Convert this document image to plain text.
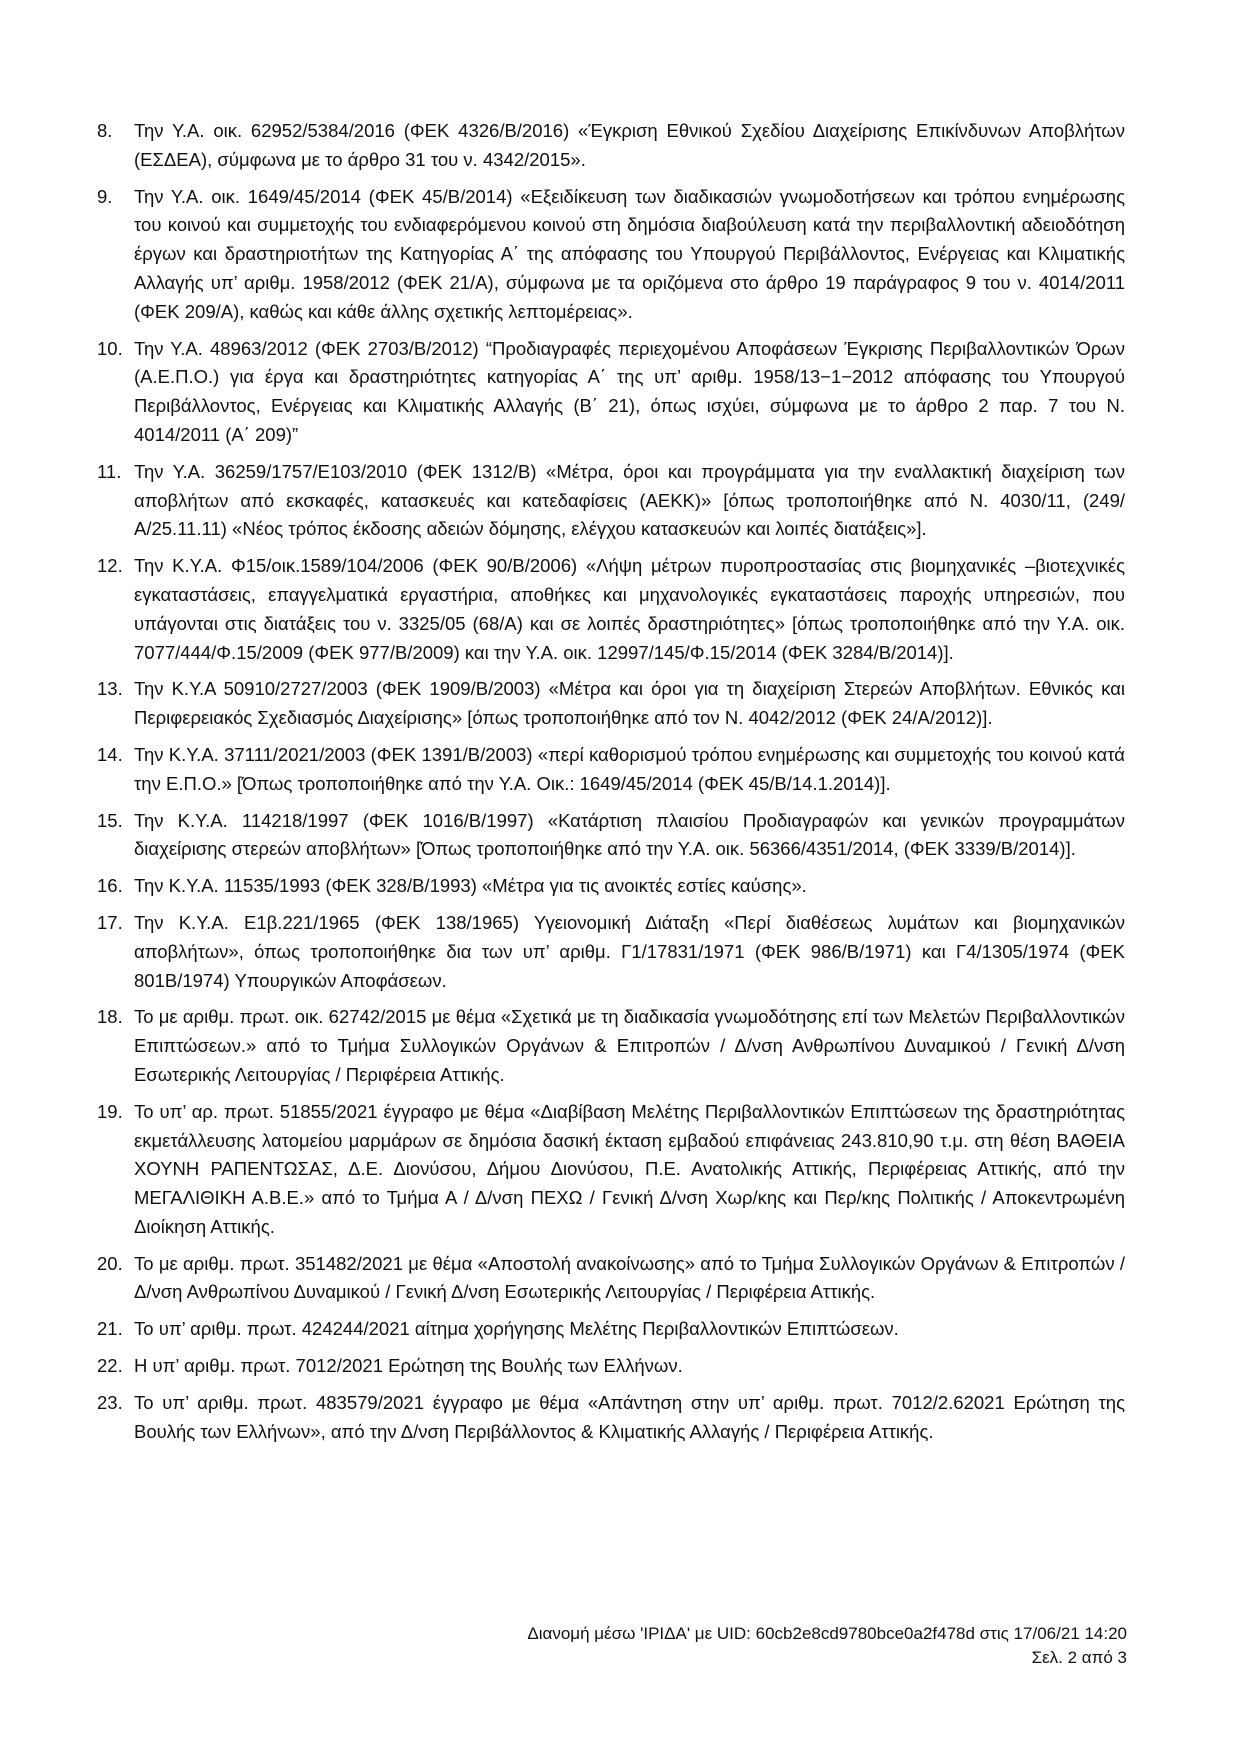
8.	Την Υ.Α. οικ. 62952/5384/2016 (ΦΕΚ 4326/Β/2016) «Έγκριση Εθνικού Σχεδίου Διαχείρισης Επικίνδυνων Αποβλήτων (ΕΣΔΕΑ), σύμφωνα με το άρθρο 31 του ν. 4342/2015».
9.	Την Υ.Α. οικ. 1649/45/2014 (ΦΕΚ 45/Β/2014) «Εξειδίκευση των διαδικασιών γνωμοδοτήσεων και τρόπου ενημέρωσης του κοινού και συμμετοχής του ενδιαφερόμενου κοινού στη δημόσια διαβούλευση κατά την περιβαλλοντική αδειοδότηση έργων και δραστηριοτήτων της Κατηγορίας Α΄ της απόφασης του Υπουργού Περιβάλλοντος, Ενέργειας και Κλιματικής Αλλαγής υπ’ αριθμ. 1958/2012 (ΦΕΚ 21/Α), σύμφωνα με τα οριζόμενα στο άρθρο 19 παράγραφος 9 του ν. 4014/2011 (ΦΕΚ 209/Α), καθώς και κάθε άλλης σχετικής λεπτομέρειας».
10. Την Υ.Α. 48963/2012 (ΦΕΚ 2703/Β/2012) “Προδιαγραφές περιεχομένου Αποφάσεων Έγκρισης Περιβαλλοντικών Όρων (Α.Ε.Π.Ο.) για έργα και δραστηριότητες κατηγορίας Α΄ της υπ’ αριθμ. 1958/13−1−2012 απόφασης του Υπουργού Περιβάλλοντος, Ενέργειας και Κλιματικής Αλλαγής (Β΄ 21), όπως ισχύει, σύμφωνα με το άρθρο 2 παρ. 7 του Ν. 4014/2011 (Α΄ 209)”
11. Την Υ.Α. 36259/1757/Ε103/2010 (ΦΕΚ 1312/Β) «Μέτρα, όροι και προγράμματα για την εναλλακτική διαχείριση των αποβλήτων από εκσκαφές, κατασκευές και κατεδαφίσεις (ΑΕΚΚ)» [όπως τροποποιήθηκε από Ν. 4030/11, (249/Α/25.11.11) «Νέος τρόπος έκδοσης αδειών δόμησης, ελέγχου κατασκευών και λοιπές διατάξεις»].
12. Την Κ.Υ.Α. Φ15/οικ.1589/104/2006 (ΦΕΚ 90/Β/2006) «Λήψη μέτρων πυροπροστασίας στις βιομηχανικές –βιοτεχνικές εγκαταστάσεις, επαγγελματικά εργαστήρια, αποθήκες και μηχανολογικές εγκαταστάσεις παροχής υπηρεσιών, που υπάγονται στις διατάξεις του ν. 3325/05 (68/Α) και σε λοιπές δραστηριότητες» [όπως τροποποιήθηκε από την Υ.Α. οικ. 7077/444/Φ.15/2009 (ΦΕΚ 977/Β/2009) και την Υ.Α. οικ. 12997/145/Φ.15/2014 (ΦΕΚ 3284/Β/2014)].
13. Την Κ.Υ.Α 50910/2727/2003 (ΦΕΚ 1909/Β/2003) «Μέτρα και όροι για τη διαχείριση Στερεών Αποβλήτων. Εθνικός και Περιφερειακός Σχεδιασμός Διαχείρισης» [όπως τροποποιήθηκε από τον Ν. 4042/2012 (ΦΕΚ 24/Α/2012)].
14. Την Κ.Υ.Α. 37111/2021/2003 (ΦΕΚ 1391/Β/2003) «περί καθορισμού τρόπου ενημέρωσης και συμμετοχής του κοινού κατά την Ε.Π.Ο.» [Όπως τροποποιήθηκε από την Υ.Α. Οικ.: 1649/45/2014 (ΦΕΚ 45/Β/14.1.2014)].
15. Την Κ.Υ.Α. 114218/1997 (ΦΕΚ 1016/Β/1997) «Κατάρτιση πλαισίου Προδιαγραφών και γενικών προγραμμάτων διαχείρισης στερεών αποβλήτων» [Όπως τροποποιήθηκε από την Υ.Α. οικ. 56366/4351/2014, (ΦΕΚ 3339/Β/2014)].
16. Την Κ.Υ.Α. 11535/1993 (ΦΕΚ 328/Β/1993) «Μέτρα για τις ανοικτές εστίες καύσης».
17. Την Κ.Υ.Α. Ε1β.221/1965 (ΦΕΚ 138/1965) Υγειονομική Διάταξη «Περί διαθέσεως λυμάτων και βιομηχανικών αποβλήτων», όπως τροποποιήθηκε δια των υπ’ αριθμ. Γ1/17831/1971 (ΦΕΚ 986/Β/1971) και Γ4/1305/1974 (ΦΕΚ 801Β/1974) Υπουργικών Αποφάσεων.
18. Το με αριθμ. πρωτ. οικ. 62742/2015 με θέμα «Σχετικά με τη διαδικασία γνωμοδότησης επί των Μελετών Περιβαλλοντικών Επιπτώσεων.» από το Τμήμα Συλλογικών Οργάνων & Επιτροπών / Δ/νση Ανθρωπίνου Δυναμικού / Γενική Δ/νση Εσωτερικής Λειτουργίας / Περιφέρεια Αττικής.
19. Το υπ’ αρ. πρωτ. 51855/2021 έγγραφο με θέμα «Διαβίβαση Μελέτης Περιβαλλοντικών Επιπτώσεων της δραστηριότητας εκμετάλλευσης λατομείου μαρμάρων σε δημόσια δασική έκταση εμβαδού επιφάνειας 243.810,90 τ.μ. στη θέση ΒΑΘΕΙΑ ΧΟΥΝΗ ΡΑΠΕΝΤΩΣΑΣ, Δ.Ε. Διονύσου, Δήμου Διονύσου, Π.Ε. Ανατολικής Αττικής, Περιφέρειας Αττικής, από την ΜΕΓΑΛΙΘΙΚΗ Α.Β.Ε.» από το Τμήμα Α / Δ/νση ΠΕΧΩ / Γενική Δ/νση Χωρ/κης και Περ/κης Πολιτικής / Αποκεντρωμένη Διοίκηση Αττικής.
20. Το με αριθμ. πρωτ. 351482/2021 με θέμα «Αποστολή ανακοίνωσης» από το Τμήμα Συλλογικών Οργάνων & Επιτροπών / Δ/νση Ανθρωπίνου Δυναμικού / Γενική Δ/νση Εσωτερικής Λειτουργίας / Περιφέρεια Αττικής.
21. Το υπ’ αριθμ. πρωτ. 424244/2021 αίτημα χορήγησης Μελέτης Περιβαλλοντικών Επιπτώσεων.
22. Η υπ’ αριθμ. πρωτ. 7012/2021 Ερώτηση της Βουλής των Ελλήνων.
23. Το υπ’ αριθμ. πρωτ. 483579/2021 έγγραφο με θέμα «Απάντηση στην υπ’ αριθμ. πρωτ. 7012/2.62021 Ερώτηση της Βουλής των Ελλήνων», από την Δ/νση Περιβάλλοντος & Κλιματικής Αλλαγής / Περιφέρεια Αττικής.
Διανομή μέσω 'ΙΡΙΔΑ' με UID: 60cb2e8cd9780bce0a2f478d στις 17/06/21 14:20
Σελ. 2 από 3
